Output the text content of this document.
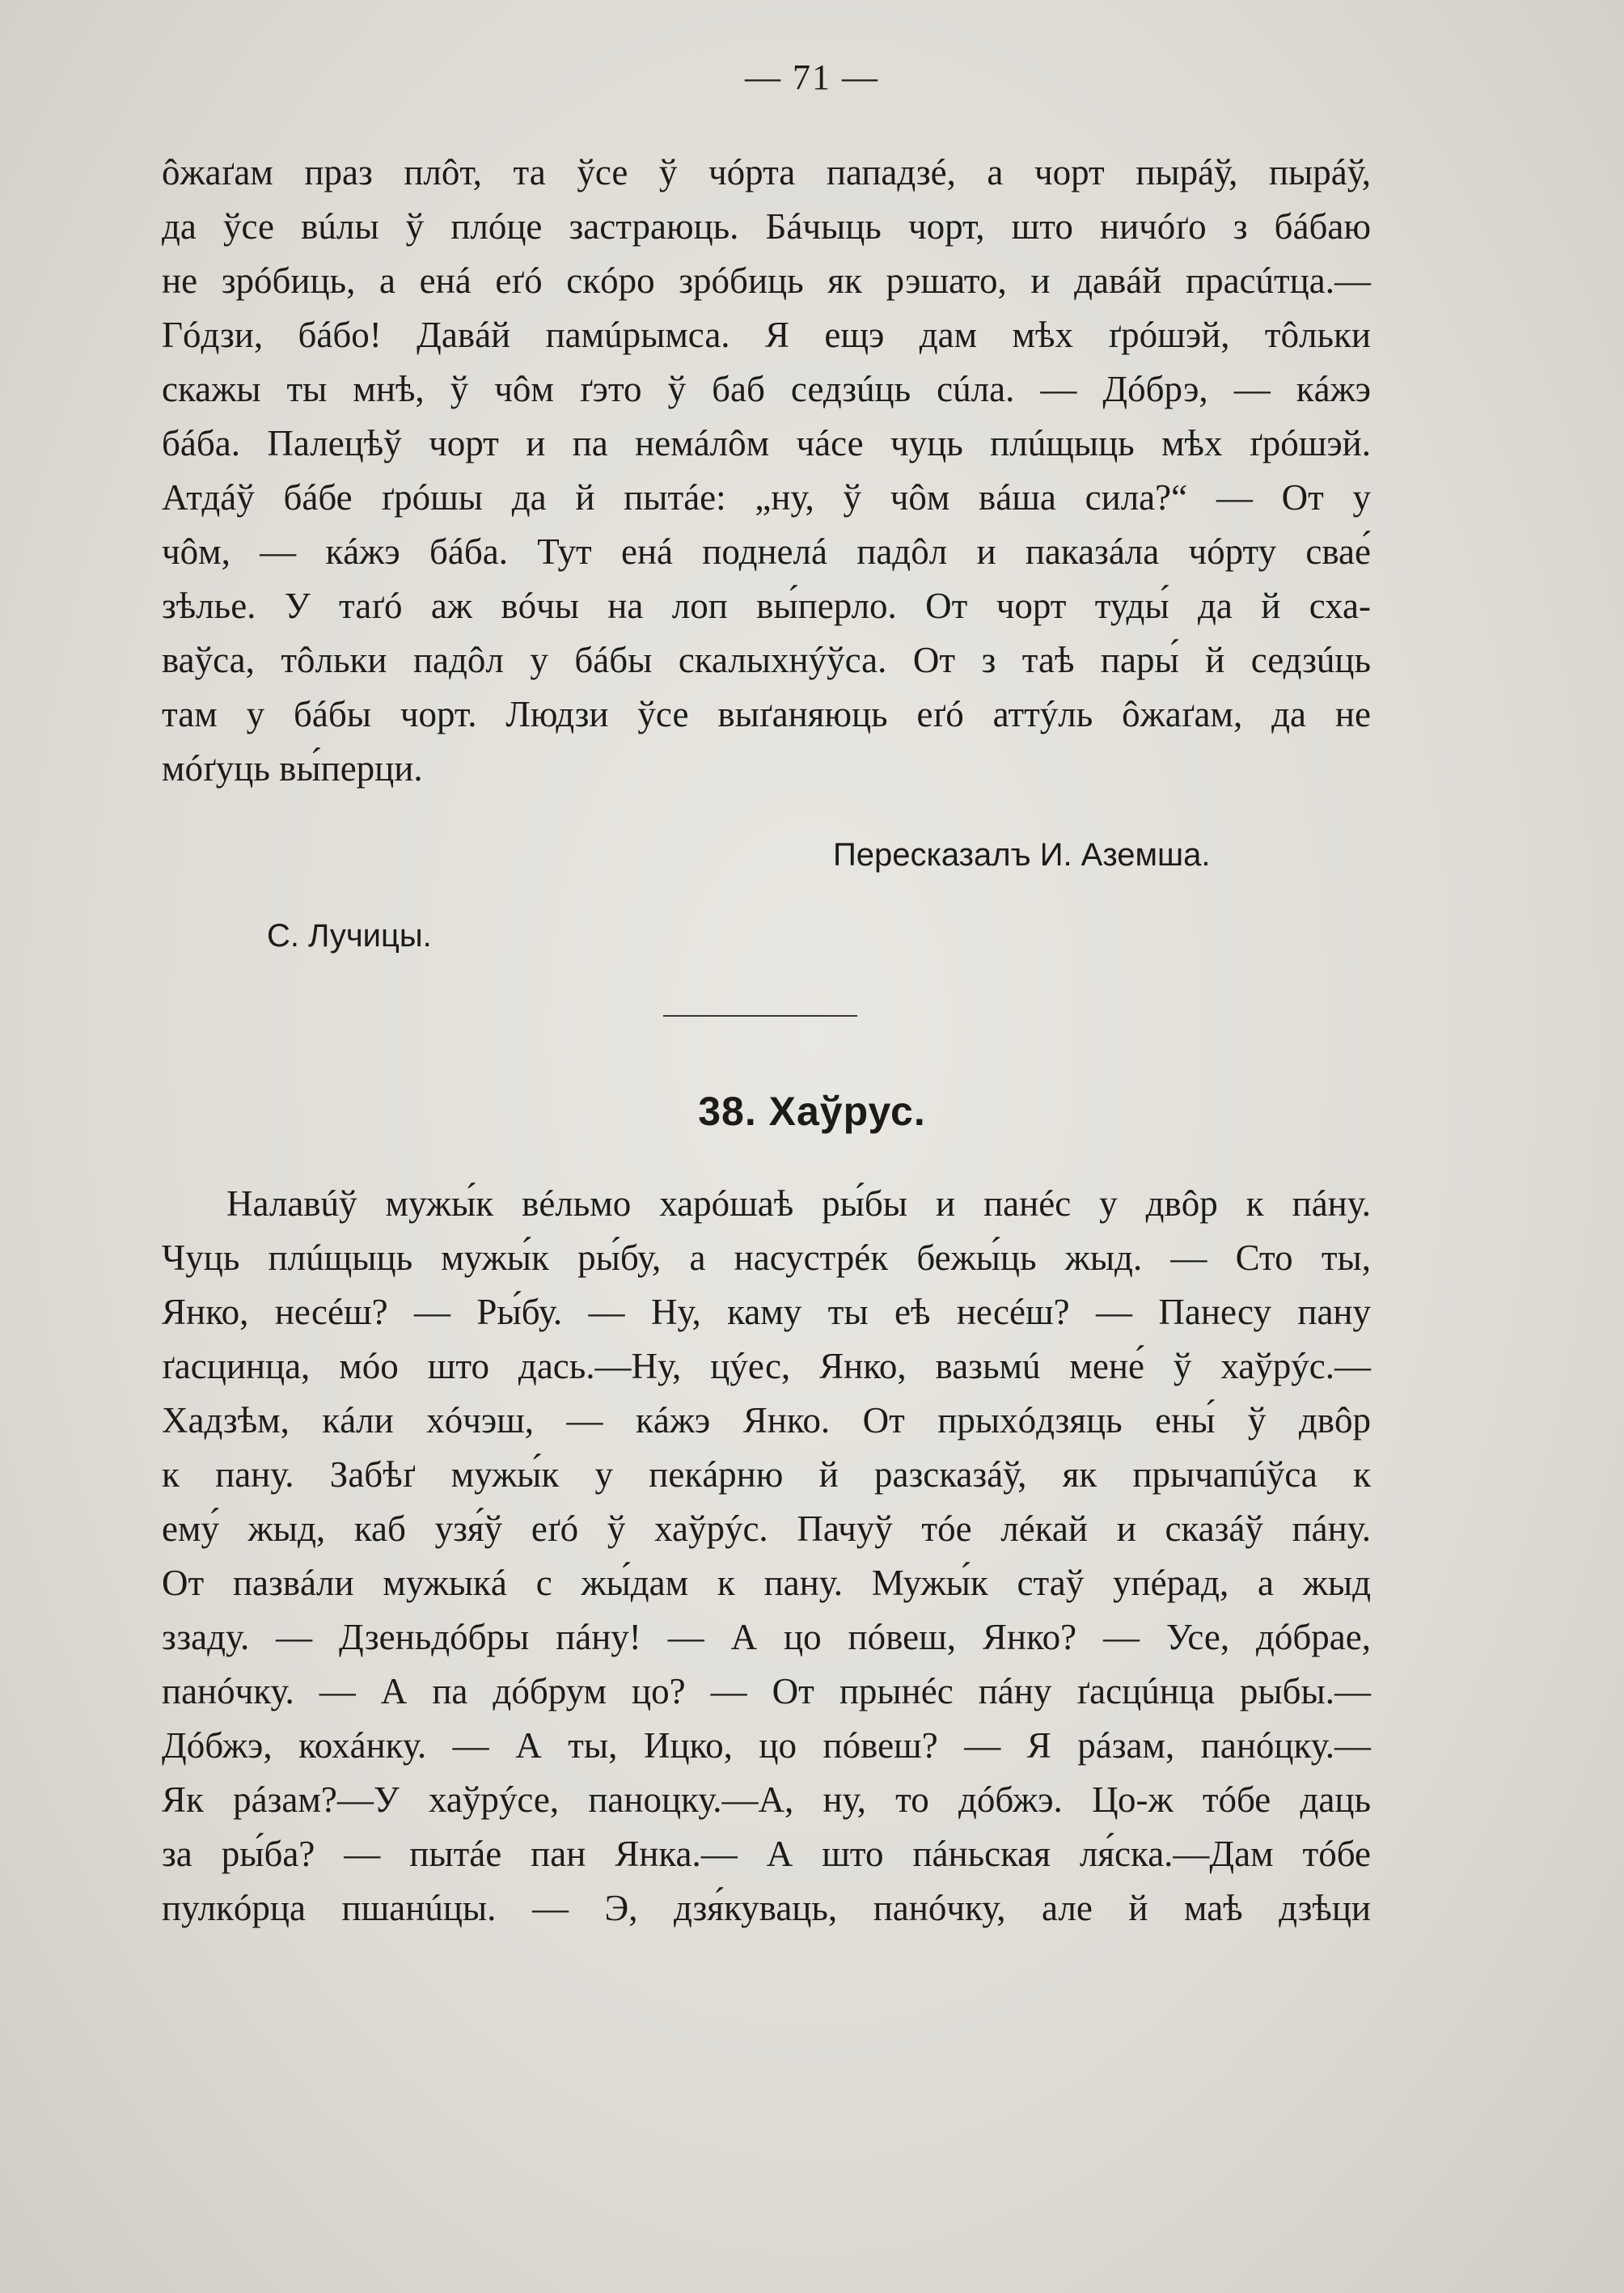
— 71 —
ôжаґам праз плôт, та ўсе ў чóрта пападзé, а чорт пырáў, пырáў,
да ўсе вúлы ў плóце застраюць. Бáчыць чорт, што ничóґо з бáбаю
не зрóбиць, а енá еґó скóро зрóбиць як рэшато, и давáй прасúтца.—
Гóдзи, бáбо! Давáй памúрымса. Я ещэ дам мѣх ґрóшэй, тôльки
скажы ты мнѣ, ў чôм ґэто ў баб седзúць сúла. — Дóбрэ, — кáжэ
бáба. Палецѣў чорт и па немáлôм чáсе чуць плúщыць мѣх ґрóшэй.
Атдáў бáбе ґрóшы да й пытáе: „ну, ў чôм вáша сила?“ — От у
чôм, — кáжэ бáба. Тут енá поднелá падôл и паказáла чóрту свае́
зѣлье. У таґó аж вóчы на лоп вы́перло. От чорт туды́ да й сха-
ваўса, тôльки падôл у бáбы скалыхнýўса. От з таѣ пары́ й седзúць
там у бáбы чорт. Людзи ўсе выґаняюць еґó аттýль ôжаґам, да не
мóґуць вы́перци.
Пересказалъ И. Аземша.
С. Лучицы.
38. Хаўрус.
Налавúў мужы́к вéльмо харóшаѣ ры́бы и панéс у двôр к пáну.
Чуць плúщыць мужы́к ры́бу, а насустрéк бежы́ць жыд. — Сто ты,
Янко, несéш? — Ры́бу. — Ну, каму ты еѣ несéш? — Панесу пану
ґасцинца, мóо што дась.—Ну, цýес, Янко, вазьмú мене́ ў хаўрýс.—
Хадзѣм, кáли хóчэш, — кáжэ Янко. От прыхóдзяць ены́ ў двôр
к пану. Забѣґ мужы́к у пекáрню й разсказáў, як прычапúўса к
ему́ жыд, каб узя́ў еґó ў хаўрýс. Пачуў тóе лéкай и сказáў пáну.
От пазвáли мужыкá с жы́дам к пану. Мужы́к стаў упéрад, а жыд
ззаду. — Дзеньдóбры пáну! — А цо пóвеш, Янко? — Усе, дóбрае,
панóчку. — А па дóбрум цо? — От прынéс пáну ґасцúнца рыбы.—
Дóбжэ, кохáнку. — А ты, Ицко, цо пóвеш? — Я рáзам, панóцку.—
Як рáзам?—У хаўрýсе, паноцку.—А, ну, то дóбжэ. Цо-ж тóбе даць
за ры́ба? — пытáе пан Янка.— А што пáньская ля́ска.—Дам тóбе
пулкóрца пшанúцы. — Э, дзя́куваць, панóчку, але й маѣ дзѣци
